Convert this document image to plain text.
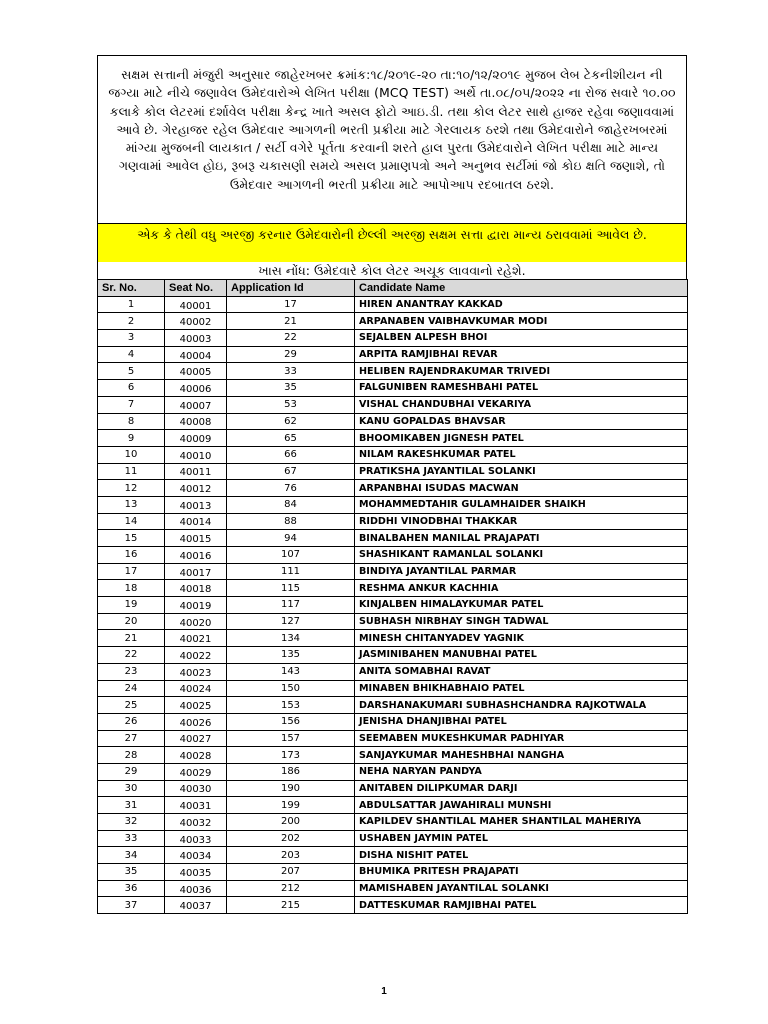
સક્ષમ સત્તાની મંજુરી અનુસાર જાહેરખબર ક્રમાંક:૧૮/૨૦૧૯-૨૦ તા:૧૦/૧૨/૨૦૧૯ મુજબ લેબ ટેકનીશીયન ની જગ્યા માટે નીચે જણાવેલ ઉમેદવારોએ લેખિત પરીક્ષા (MCQ TEST) અર્થે તા.૦૮/૦૫/૨૦૨૨ ના રોજ સવારે ૧૦.૦૦ કલાકે કોલ લેટરમાં દર્શાવેલ પરીક્ષા કેન્દ્ર ખાતે અસલ ફોટો આઇ.ડી. તથા કોલ લેટર સાથે હાજર રહેવા જણાવવામાં આવે છે. ગેરહાજર રહેલ ઉમેદવાર આગળની ભરતી પ્રક્રીયા માટે ગેરલાયક ઠરશે તથા ઉમેદવારોને જાહેરખબરમાં માંગ્યા મુજબની લાયકાત / સર્ટી વગેરે પૂર્તતા કરવાની શરતે હાલ પુરતા ઉમેદવારોને લેખિત પરીક્ષા માટે માન્ય ગણવામાં આવેલ હોઇ, રૂબરૂ ચકાસણી સમયે અસલ પ્રમાણપત્રો અને અનુભવ સર્ટીમાં જો કોઇ ક્ષતિ જણાશે, તો ઉમેદવાર આગળની ભરતી પ્રક્રીયા માટે આપોઆપ રદબાતલ ઠરશે.
એક કે તેથી વધુ અરજી કરનાર ઉમેદવારોની છેલ્લી અરજી સક્ષમ સત્તા દ્વારા માન્ય ઠરાવવામાં આવેલ છે.
ખાસ નોંધ: ઉમેદવારે કોલ લેટર અચૂક લાવવાનો રહેશે.
Sr. No.	Seat No.	Application Id	Candidate Name
1	40001	17	HIREN ANANTRAY KAKKAD
2	40002	21	ARPANABEN VAIBHAVKUMAR MODI
3	40003	22	SEJALBEN ALPESH BHOI
4	40004	29	ARPITA RAMJIBHAI REVAR
5	40005	33	HELIBEN RAJENDRAKUMAR TRIVEDI
6	40006	35	FALGUNIBEN RAMESHBAHI PATEL
7	40007	53	VISHAL CHANDUBHAI VEKARIYA
8	40008	62	KANU GOPALDAS BHAVSAR
9	40009	65	BHOOMIKABEN JIGNESH PATEL
10	40010	66	NILAM RAKESHKUMAR PATEL
11	40011	67	PRATIKSHA JAYANTILAL SOLANKI
12	40012	76	ARPANBHAI ISUDAS MACWAN
13	40013	84	MOHAMMEDTAHIR GULAMHAIDER SHAIKH
14	40014	88	RIDDHI VINODBHAI THAKKAR
15	40015	94	BINALBAHEN MANILAL PRAJAPATI
16	40016	107	SHASHIKANT RAMANLAL SOLANKI
17	40017	111	BINDIYA JAYANTILAL PARMAR
18	40018	115	RESHMA ANKUR KACHHIA
19	40019	117	KINJALBEN HIMALAYKUMAR PATEL
20	40020	127	SUBHASH NIRBHAY SINGH TADWAL
21	40021	134	MINESH CHITANYADEV YAGNIK
22	40022	135	JASMINIBAHEN MANUBHAI PATEL
23	40023	143	ANITA SOMABHAI RAVAT
24	40024	150	MINABEN BHIKHABHAIO PATEL
25	40025	153	DARSHANAKUMARI SUBHASHCHANDRA RAJKOTWALA
26	40026	156	JENISHA DHANJIBHAI PATEL
27	40027	157	SEEMABEN MUKESHKUMAR PADHIYAR
28	40028	173	SANJAYKUMAR MAHESHBHAI NANGHA
29	40029	186	NEHA NARYAN PANDYA
30	40030	190	ANITABEN DILIPKUMAR DARJI
31	40031	199	ABDULSATTAR JAWAHIRALI MUNSHI
32	40032	200	KAPILDEV SHANTILAL MAHER SHANTILAL MAHERIYA
33	40033	202	USHABEN JAYMIN PATEL
34	40034	203	DISHA NISHIT PATEL
35	40035	207	BHUMIKA PRITESH PRAJAPATI
36	40036	212	MAMISHABEN JAYANTILAL SOLANKI
37	40037	215	DATTESKUMAR RAMJIBHAI PATEL
1
